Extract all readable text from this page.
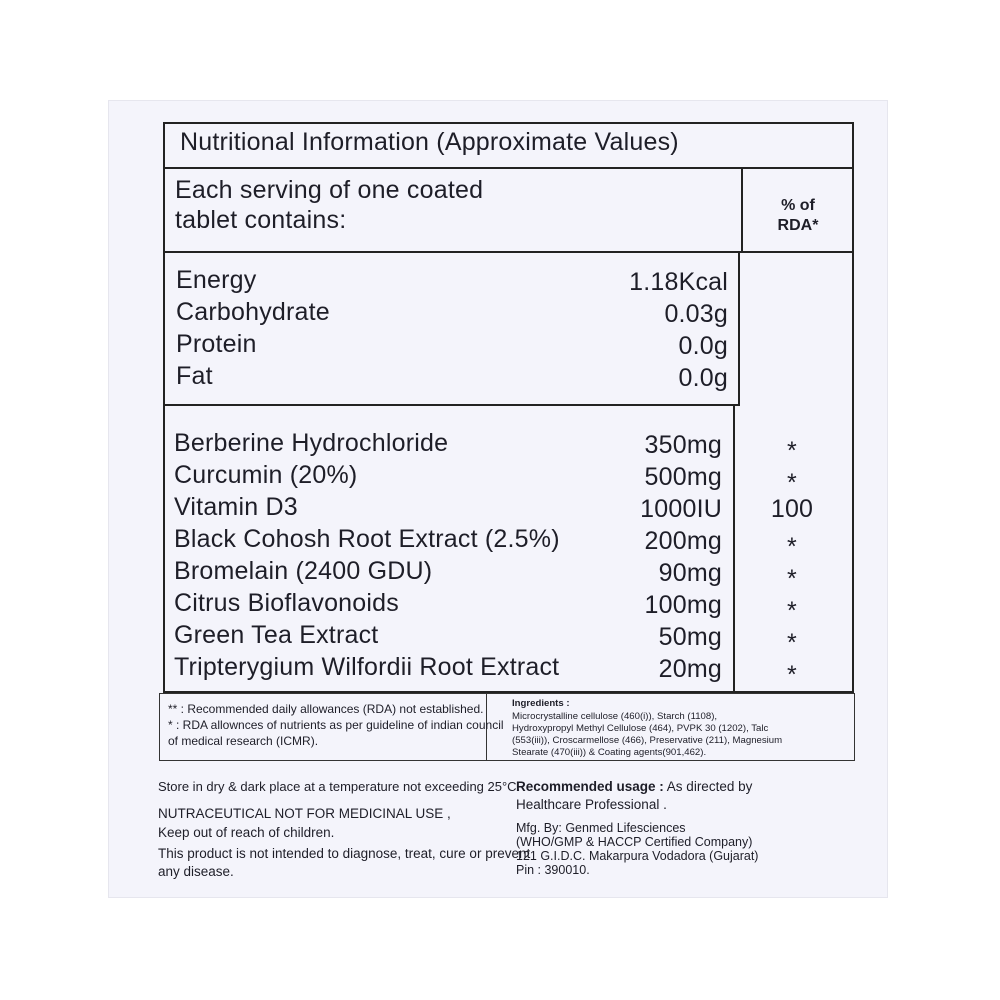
Nutritional Information (Approximate Values)
Each serving of one coated
tablet contains:
% of
RDA*
Energy	1.18Kcal
Carbohydrate	0.03g
Protein	0.0g
Fat	0.0g
Berberine Hydrochloride	350mg	*
Curcumin (20%)	500mg	*
Vitamin D3	1000IU	100
Black Cohosh Root Extract (2.5%)	200mg	*
Bromelain (2400 GDU)	90mg	*
Citrus Bioflavonoids	100mg	*
Green Tea Extract	50mg	*
Tripterygium Wilfordii Root Extract	20mg	*
** : Recommended daily allowances (RDA) not established.
* : RDA allownces of nutrients as per guideline of indian council
of medical research (ICMR).
Ingredients :
Microcrystalline cellulose (460(i)), Starch (1108),
Hydroxypropyl Methyl Cellulose (464), PVPK 30 (1202), Talc
(553(iii)), Croscarmellose (466), Preservative (211), Magnesium
Stearate (470(iii)) & Coating agents(901,462).
Store in dry & dark place at a temperature not exceeding 25°C.
NUTRACEUTICAL NOT FOR MEDICINAL USE ,
Keep out of reach of children.
This product is not intended to diagnose, treat, cure or prevent
any disease.
Recommended usage : As directed by
Healthcare Professional .
Mfg. By: Genmed Lifesciences
(WHO/GMP & HACCP Certified Company)
121 G.I.D.C. Makarpura Vodadora (Gujarat)
Pin : 390010.
